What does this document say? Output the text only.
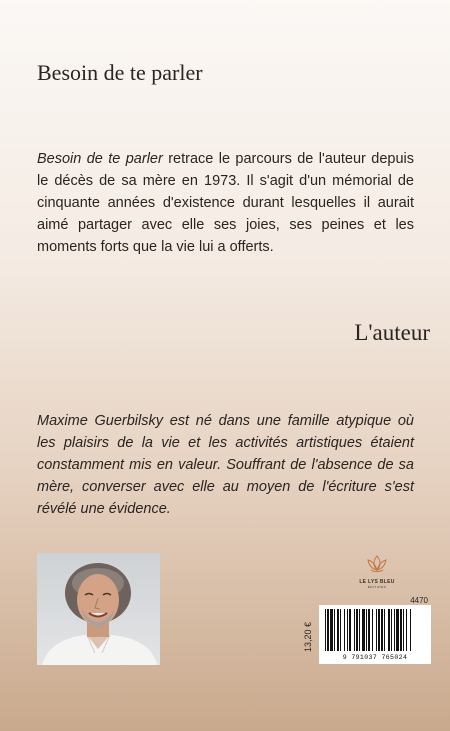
Besoin de te parler

Besoin de te parler retrace le parcours de l'auteur depuis le décès de sa mère en 1973. Il s'agit d'un mémorial de cinquante années d'existence durant lesquelles il aurait aimé partager avec elle ses joies, ses peines et les moments forts que la vie lui a offerts.

L'auteur

Maxime Guerbilsky est né dans une famille atypique où les plaisirs de la vie et les activités artistiques étaient constamment mis en valeur. Souffrant de l'absence de sa mère, converser avec elle au moyen de l'écriture s'est révélé une évidence.

LE LYS BLEU
ÉDITIONS
4470
13,20 €
9 791037 765024
